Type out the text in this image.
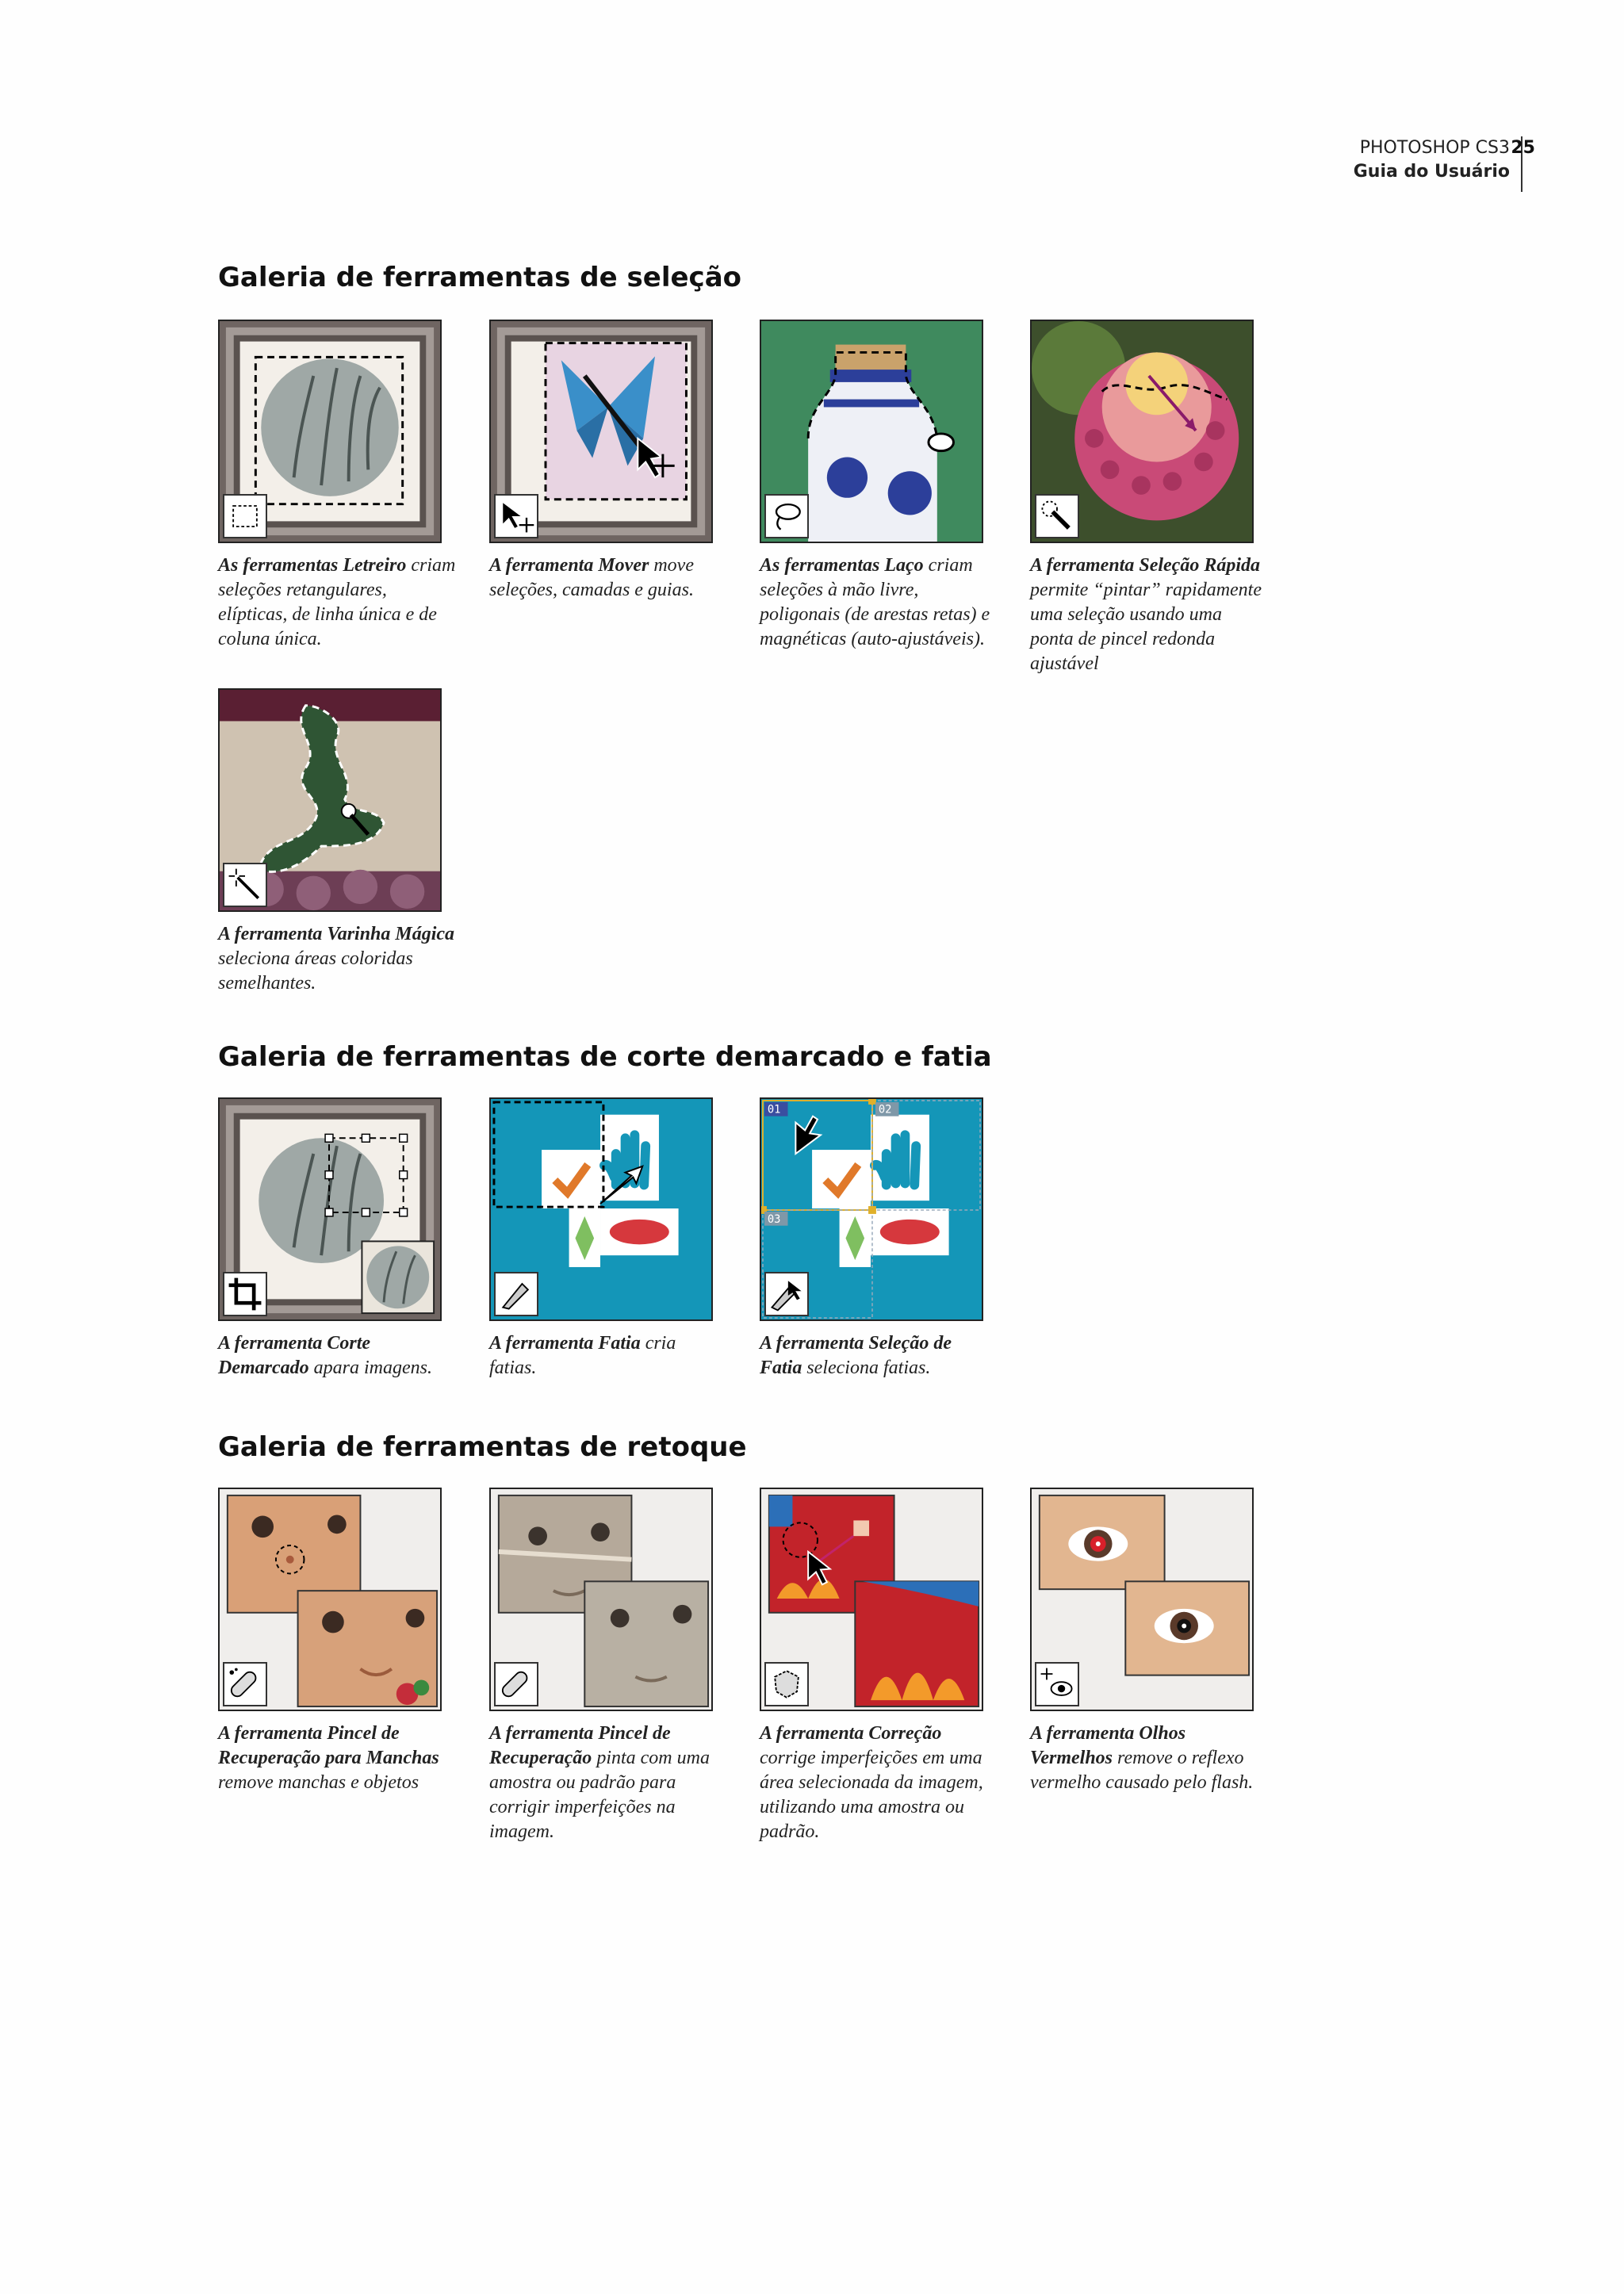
PHOTOSHOP CS3
Guia do Usuário
25
Galeria de ferramentas de seleção
As ferramentas Letreiro criam seleções retangulares, elípticas, de linha única e de coluna única.
A ferramenta Mover move seleções, camadas e guias.
As ferramentas Laço criam seleções à mão livre, poligonais (de arestas retas) e magnéticas (auto-ajustáveis).
A ferramenta Seleção Rápida permite “pintar” rapidamente uma seleção usando uma ponta de pincel redonda ajustável
A ferramenta Varinha Mágica seleciona áreas coloridas semelhantes.
Galeria de ferramentas de corte demarcado e fatia
A ferramenta Corte Demarcado apara imagens.
A ferramenta Fatia cria fatias.
01	02
03
A ferramenta Seleção de Fatia seleciona fatias.
Galeria de ferramentas de retoque
A ferramenta Pincel de Recuperação para Manchas remove manchas e objetos
A ferramenta Pincel de Recuperação pinta com uma amostra ou padrão para corrigir imperfeições na imagem.
A ferramenta Correção corrige imperfeições em uma área selecionada da imagem, utilizando uma amostra ou padrão.
A ferramenta Olhos Vermelhos remove o reflexo vermelho causado pelo flash.
